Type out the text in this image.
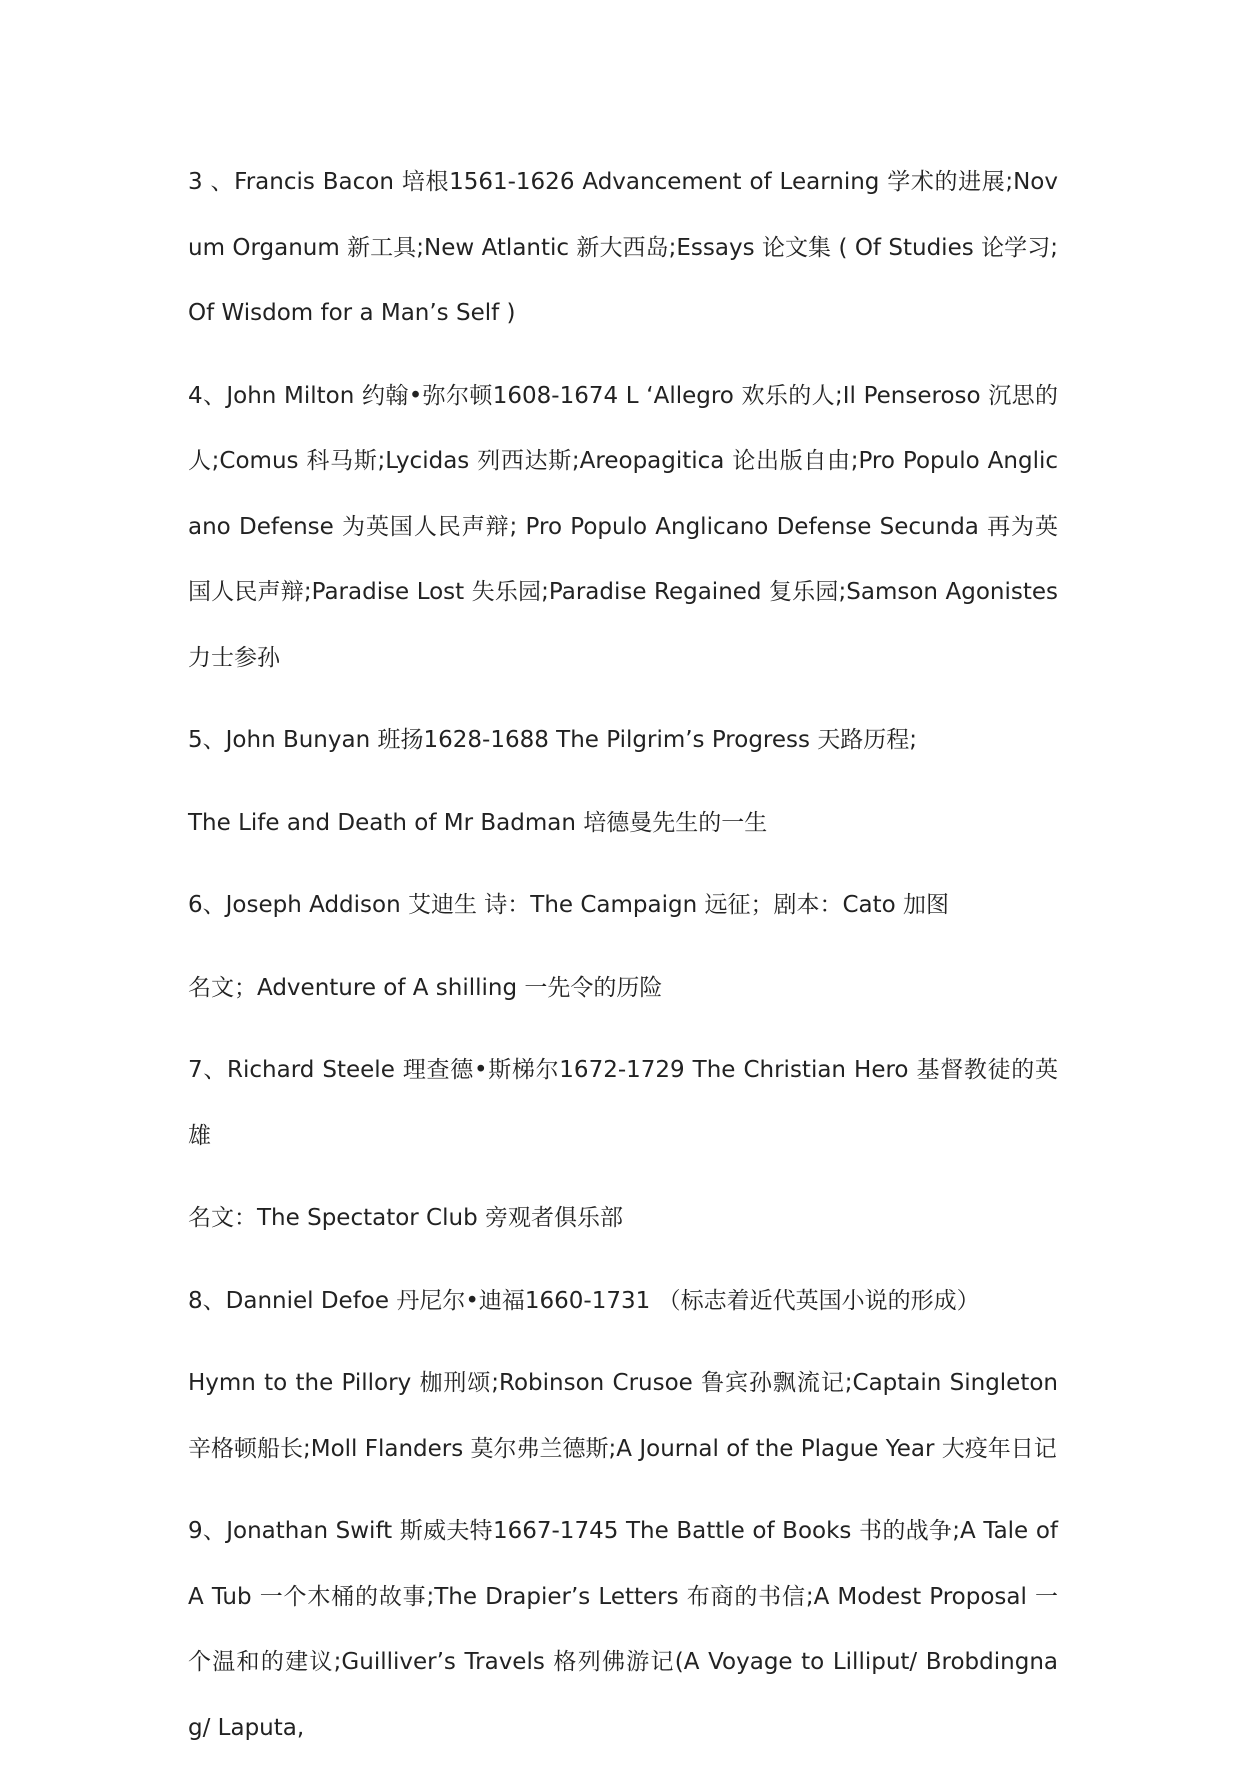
3 、Francis Bacon 培根1561-1626 Advancement of Learning 学术的进展;Novum Organum 新工具;New Atlantic 新大西岛;Essays 论文集 ( Of Studies 论学习;Of Wisdom for a Man’s Self )

4、John Milton 约翰•弥尔顿1608-1674 L ‘Allegro 欢乐的人;Il Penseroso 沉思的人;Comus 科马斯;Lycidas 列西达斯;Areopagitica 论出版自由;Pro Populo Anglicano Defense 为英国人民声辩; Pro Populo Anglicano Defense Secunda 再为英国人民声辩;Paradise Lost 失乐园;Paradise Regained 复乐园;Samson Agonistes 力士参孙

5、John Bunyan 班扬1628-1688 The Pilgrim’s Progress 天路历程;

The Life and Death of Mr Badman 培德曼先生的一生

6、Joseph Addison 艾迪生 诗：The Campaign 远征；剧本：Cato 加图

名文；Adventure of A shilling 一先令的历险

7、Richard Steele 理查德•斯梯尔1672-1729 The Christian Hero 基督教徒的英雄

名文：The Spectator Club 旁观者俱乐部

8、Danniel Defoe 丹尼尔•迪福1660-1731 （标志着近代英国小说的形成）

Hymn to the Pillory 枷刑颂;Robinson Crusoe 鲁宾孙飘流记;Captain Singleton 辛格顿船长;Moll Flanders 莫尔弗兰德斯;A Journal of the Plague Year 大疫年日记

9、Jonathan Swift 斯威夫特1667-1745 The Battle of Books 书的战争;A Tale of A Tub 一个木桶的故事;The Drapier’s Letters 布商的书信;A Modest Proposal 一个温和的建议;Guilliver’s Travels 格列佛游记(A Voyage to Lilliput/ Brobdingnag/ Laputa,
